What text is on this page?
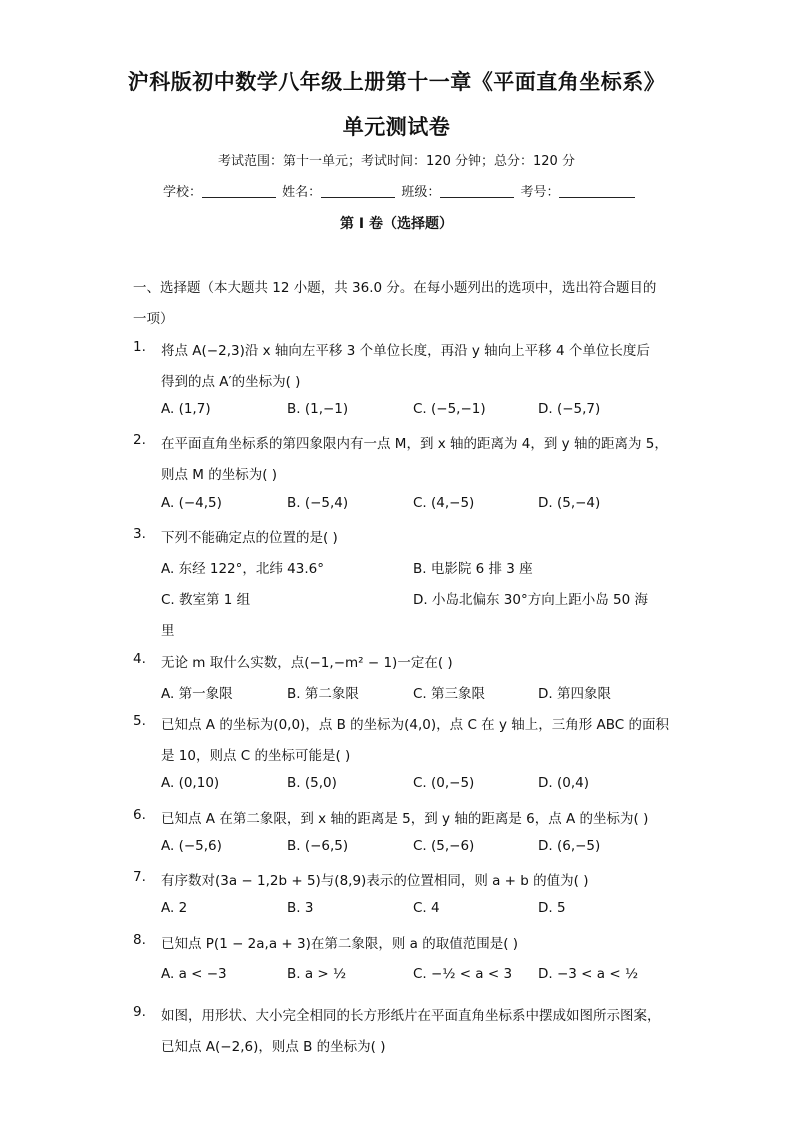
沪科版初中数学八年级上册第十一章《平面直角坐标系》
单元测试卷
考试范围：第十一单元；考试时间：120 分钟；总分：120 分
学校：	姓名：	班级：	考号：
第 I 卷（选择题）
一、选择题（本大题共 12 小题，共 36.0 分。在每小题列出的选项中，选出符合题目的
一项）
1. 将点 A(−2,3)沿 x 轴向左平移 3 个单位长度，再沿 y 轴向上平移 4 个单位长度后
得到的点 A′的坐标为( )
A. (1,7)	B. (1,−1)	C. (−5,−1)	D. (−5,7)
2. 在平面直角坐标系的第四象限内有一点 M，到 x 轴的距离为 4，到 y 轴的距离为 5，
则点 M 的坐标为( )
A. (−4,5)	B. (−5,4)	C. (4,−5)	D. (5,−4)
3. 下列不能确定点的位置的是( )
A. 东经 122°，北纬 43.6°	B. 电影院 6 排 3 座
C. 教室第 1 组	D. 小岛北偏东 30°方向上距小岛 50 海
里
4. 无论 m 取什么实数，点(−1,−m² − 1)一定在( )
A. 第一象限	B. 第二象限	C. 第三象限	D. 第四象限
5. 已知点 A 的坐标为(0,0)，点 B 的坐标为(4,0)，点 C 在 y 轴上，三角形 ABC 的面积
是 10，则点 C 的坐标可能是( )
A. (0,10)	B. (5,0)	C. (0,−5)	D. (0,4)
6. 已知点 A 在第二象限，到 x 轴的距离是 5，到 y 轴的距离是 6，点 A 的坐标为( )
A. (−5,6)	B. (−6,5)	C. (5,−6)	D. (6,−5)
7. 有序数对(3a − 1,2b + 5)与(8,9)表示的位置相同，则 a + b 的值为( )
A. 2	B. 3	C. 4	D. 5
8. 已知点 P(1 − 2a,a + 3)在第二象限，则 a 的取值范围是( )
A. a < −3	B. a > ½	C. −½ < a < 3 D. −3 < a < ½
9. 如图，用形状、大小完全相同的长方形纸片在平面直角坐标系中摆成如图所示图案，
已知点 A(−2,6)，则点 B 的坐标为( )
